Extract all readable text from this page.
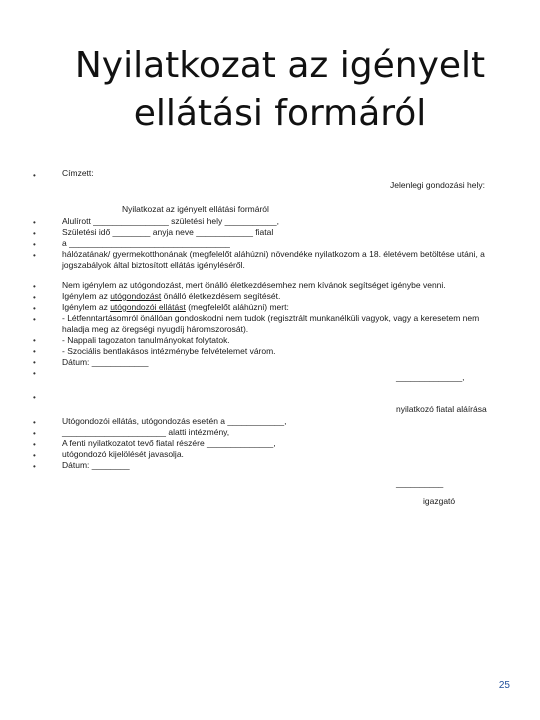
Nyilatkozat az igényelt
ellátási formáról
•	Címzett:
Jelenlegi gondozási hely:
Nyilatkozat az igényelt ellátási formáról
•	Alulírott ________________ születési hely ___________,
•	Születési idő ________ anyja neve ____________ fiatal
•	a __________________________________
•	hálózatának/ gyermekotthonának (megfelelőt aláhúzni) növendéke nyilatkozom a 18. életévem betöltése utáni, a jogszabályok által biztosított ellátás igényléséről.
•	Nem igénylem az utógondozást, mert önálló életkezdésemhez nem kívánok segítséget igénybe venni.
•	Igénylem az utógondozást önálló életkezdésem segítését.
•	Igénylem az utógondozói ellátást (megfelelőt aláhúzni) mert:
•	- Létfenntartásomról önállóan gondoskodni nem tudok (regisztrált munkanélküli vagyok, vagy a keresetem nem haladja meg az öregségi nyugdíj háromszorosát).
•	- Nappali tagozaton tanulmányokat folytatok.
•	- Szociális bentlakásos intézménybe felvételemet várom.
•	Dátum: ____________
•	______________,
•
nyilatkozó fiatal aláírása
•	Utógondozói ellátás, utógondozás esetén a ____________,
•	______________________ alatti intézmény,
•	A fenti nyilatkozatot tevő fiatal részére ______________,
•	utógondozó kijelölését javasolja.
•	Dátum: ________
__________
igazgató
25
